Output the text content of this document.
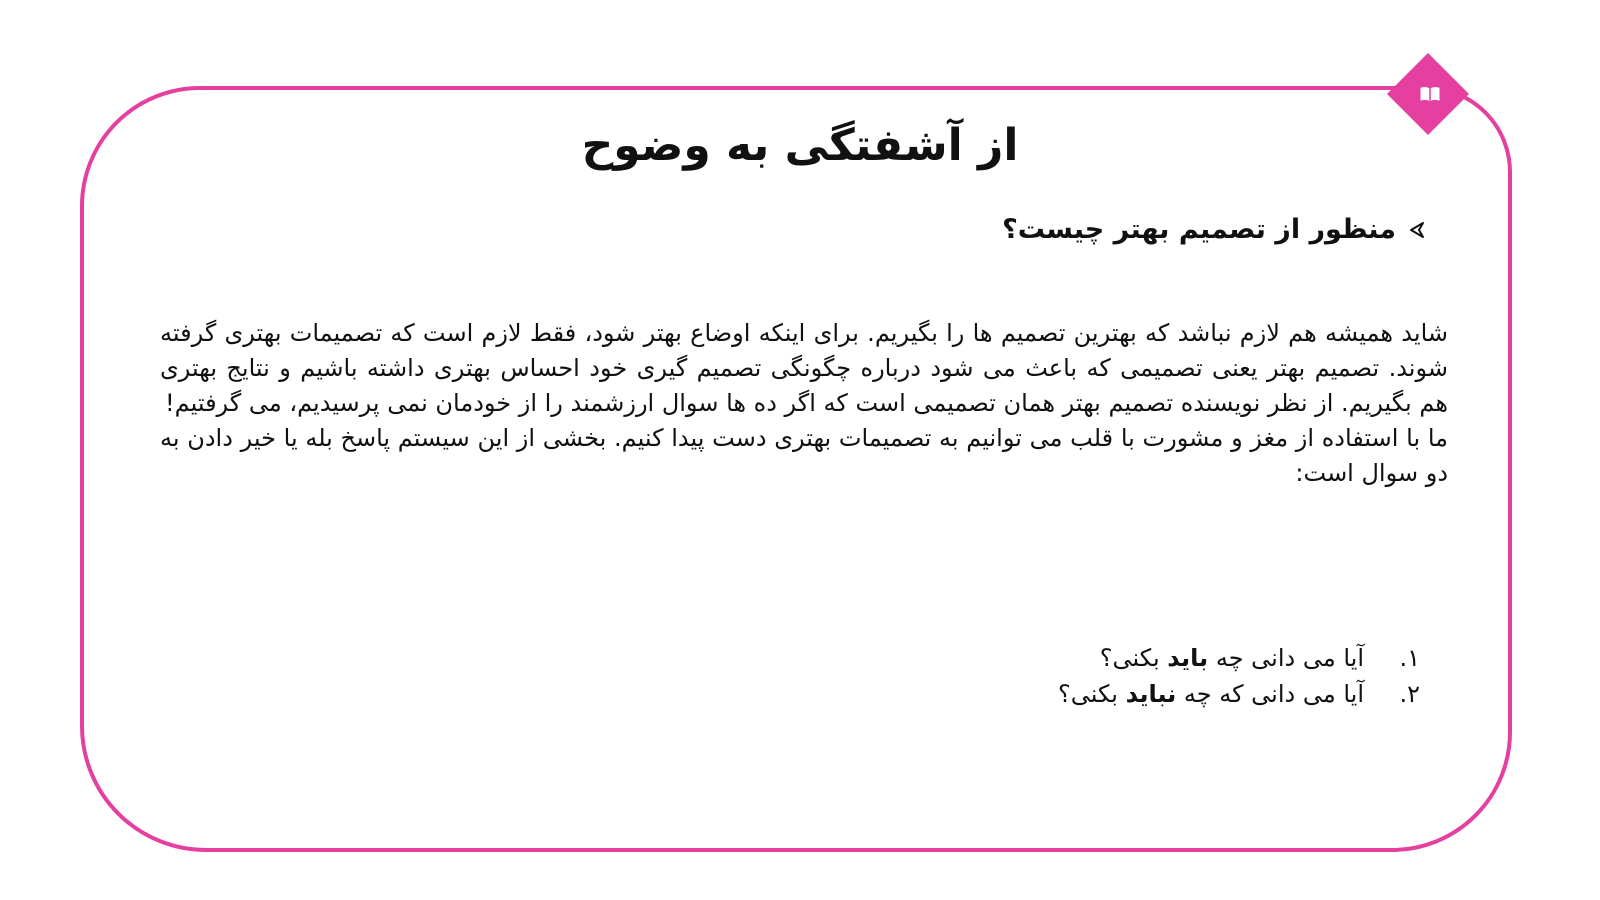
از آشفتگی به وضوح
منظور از تصمیم بهتر چیست؟

شاید همیشه هم لازم نباشد که بهترین تصمیم ها را بگیریم. برای اینکه اوضاع بهتر شود، فقط لازم است که تصمیمات بهتری گرفته شوند. تصمیم بهتر یعنی تصمیمی که باعث می شود درباره چگونگی تصمیم گیری خود احساس بهتری داشته باشیم و نتایج بهتری هم بگیریم. از نظر نویسنده تصمیم بهتر همان تصمیمی است که اگر ده ها سوال ارزشمند را از خودمان نمی پرسیدیم، می گرفتیم!

ما با استفاده از مغز و مشورت با قلب می توانیم به تصمیمات بهتری دست پیدا کنیم. بخشی از این سیستم پاسخ بله یا خیر دادن به دو سوال است:

۱.
آیا می دانی چه باید بکنی؟
۲.
آیا می دانی که چه نباید بکنی؟
